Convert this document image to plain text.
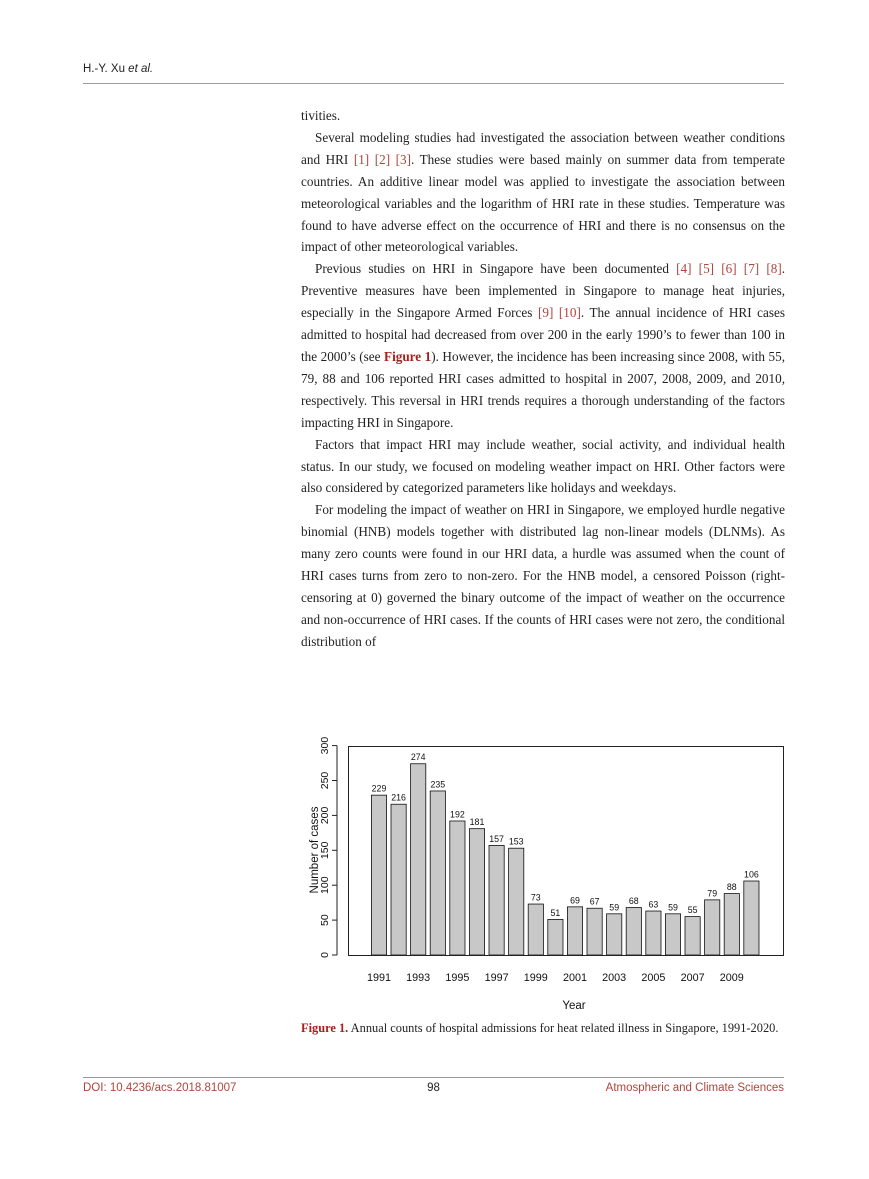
H.-Y. Xu et al.

tivities.

Several modeling studies had investigated the association between weather conditions and HRI [1] [2] [3]. These studies were based mainly on summer data from temperate countries. An additive linear model was applied to investigate the association between meteorological variables and the logarithm of HRI rate in these studies. Temperature was found to have adverse effect on the occurrence of HRI and there is no consensus on the impact of other meteorological variables.

Previous studies on HRI in Singapore have been documented [4] [5] [6] [7] [8]. Preventive measures have been implemented in Singapore to manage heat injuries, especially in the Singapore Armed Forces [9] [10]. The annual incidence of HRI cases admitted to hospital had decreased from over 200 in the early 1990’s to fewer than 100 in the 2000’s (see Figure 1). However, the incidence has been increasing since 2008, with 55, 79, 88 and 106 reported HRI cases admitted to hospital in 2007, 2008, 2009, and 2010, respectively. This reversal in HRI trends requires a thorough understanding of the factors impacting HRI in Singapore.

Factors that impact HRI may include weather, social activity, and individual health status. In our study, we focused on modeling weather impact on HRI. Other factors were also considered by categorized parameters like holidays and weekdays.

For modeling the impact of weather on HRI in Singapore, we employed hurdle negative binomial (HNB) models together with distributed lag non-linear models (DLNMs). As many zero counts were found in our HRI data, a hurdle was assumed when the count of HRI cases turns from zero to non-zero. For the HNB model, a censored Poisson (right-censoring at 0) governed the binary outcome of the impact of weather on the occurrence and non-occurrence of HRI cases. If the counts of HRI cases were not zero, the conditional distribution of

229
216
274
235
192
181
157 153
73
51
69 67
59
68 63 59 55
79
88
106
0
50
100
150
200
250
300
1991 1993 1995 1997 1999 2001 2003 2005 2007 2009
Year
Number of cases
Figure 1. Annual counts of hospital admissions for heat related illness in Singapore, 1991-2020.
DOI: 10.4236/acs.2018.81007	98	Atmospheric and Climate Sciences
